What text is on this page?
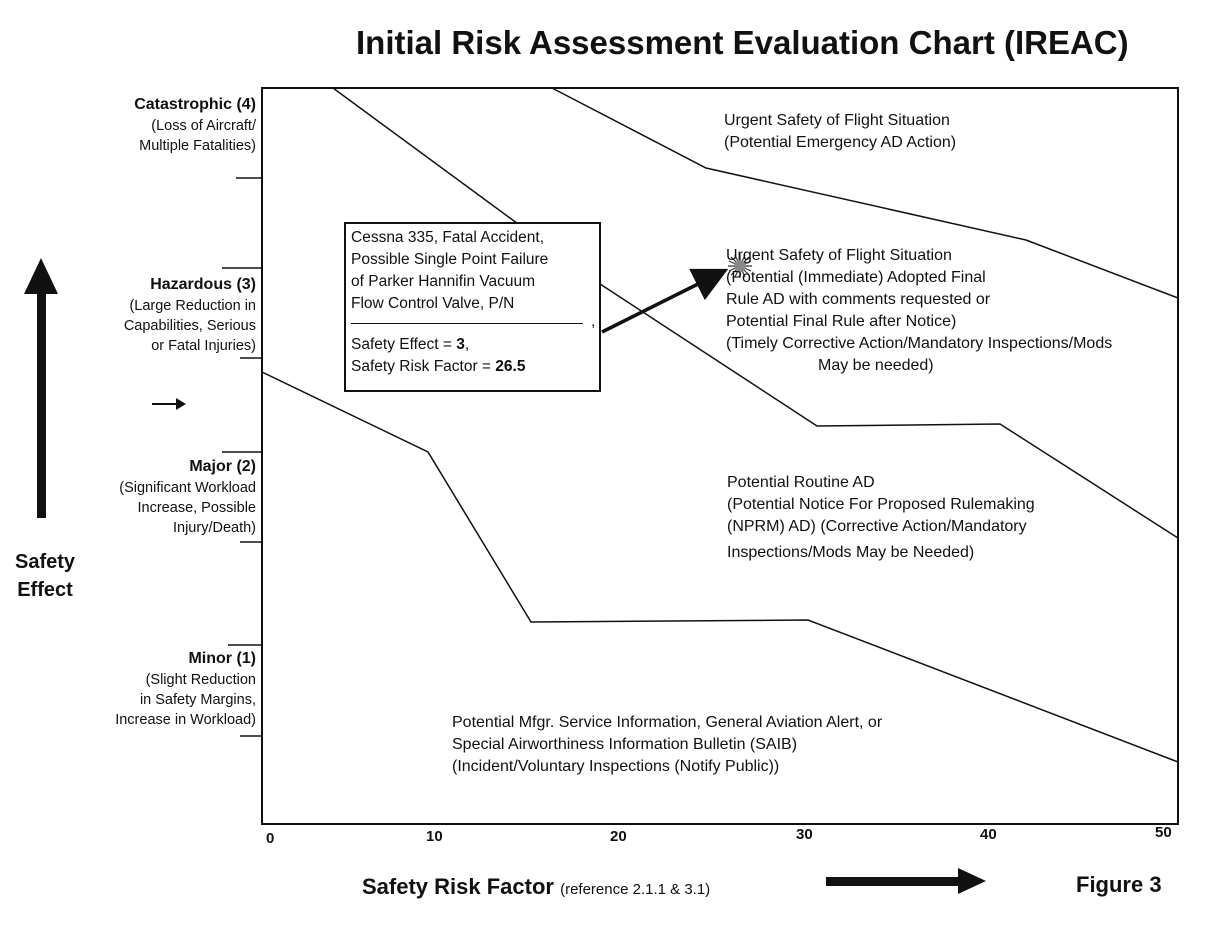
Initial Risk Assessment Evaluation Chart (IREAC)
Catastrophic (4)
(Loss of Aircraft/
Multiple Fatalities)
Hazardous (3)
(Large Reduction in
Capabilities, Serious
or Fatal Injuries)
Major (2)
(Significant Workload
Increase, Possible
Injury/Death)
Minor (1)
(Slight Reduction
in Safety Margins,
Increase in Workload)
Urgent Safety of Flight Situation
(Potential Emergency AD Action)
Urgent Safety of Flight Situation
(Potential (Immediate) Adopted Final
Rule AD with comments requested or
Potential Final Rule after Notice)
(Timely Corrective Action/Mandatory Inspections/Mods
May be needed)
Potential Routine AD
(Potential Notice For Proposed Rulemaking
(NPRM) AD) (Corrective Action/Mandatory
Inspections/Mods May be Needed)
Potential Mfgr. Service Information, General Aviation Alert, or
Special Airworthiness Information Bulletin (SAIB)
(Incident/Voluntary Inspections (Notify Public))
Cessna 335, Fatal Accident,
Possible Single Point Failure
of Parker Hannifin Vacuum
Flow Control Valve, P/N
,
Safety Effect = 3,
Safety Risk Factor = 26.5
0	10	20	30	40	50
Safety Risk Factor (reference 2.1.1 & 3.1)
Safety
Effect
Figure 3
